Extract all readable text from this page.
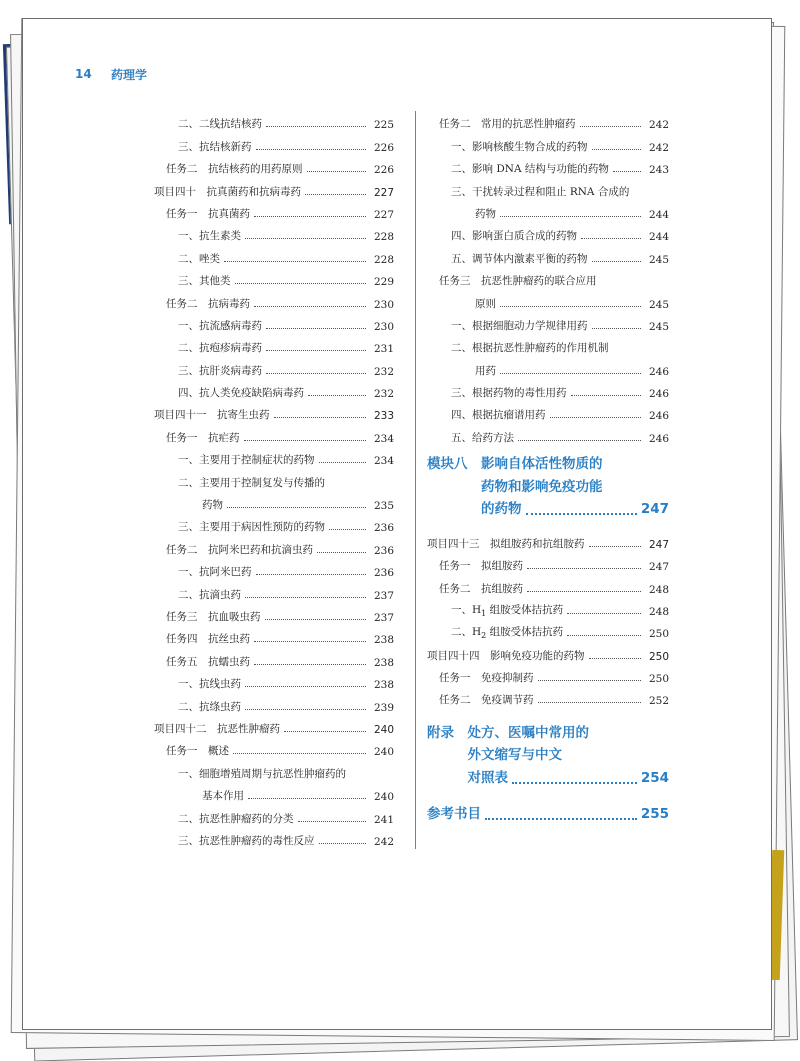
14 药理学
二、二线抗结核药	225
三、抗结核新药	226
任务二　抗结核药的用药原则	226
项目四十　抗真菌药和抗病毒药	227
任务一　抗真菌药	227
一、抗生素类	228
二、唑类	228
三、其他类	229
任务二　抗病毒药	230
一、抗流感病毒药	230
二、抗疱疹病毒药	231
三、抗肝炎病毒药	232
四、抗人类免疫缺陷病毒药	232
项目四十一　抗寄生虫药	233
任务一　抗疟药	234
一、主要用于控制症状的药物	234
二、主要用于控制复发与传播的
药物	235
三、主要用于病因性预防的药物	236
任务二　抗阿米巴药和抗滴虫药	236
一、抗阿米巴药	236
二、抗滴虫药	237
任务三　抗血吸虫药	237
任务四　抗丝虫药	238
任务五　抗蠕虫药	238
一、抗线虫药	238
二、抗绦虫药	239
项目四十二　抗恶性肿瘤药	240
任务一　概述	240
一、细胞增殖周期与抗恶性肿瘤药的
基本作用	240
二、抗恶性肿瘤药的分类	241
三、抗恶性肿瘤药的毒性反应	242
任务二　常用的抗恶性肿瘤药	242
一、影响核酸生物合成的药物	242
二、影响 DNA 结构与功能的药物	243
三、干扰转录过程和阻止 RNA 合成的
药物	244
四、影响蛋白质合成的药物	244
五、调节体内激素平衡的药物	245
任务三　抗恶性肿瘤药的联合应用
原则	245
一、根据细胞动力学规律用药	245
二、根据抗恶性肿瘤药的作用机制
用药	246
三、根据药物的毒性用药	246
四、根据抗瘤谱用药	246
五、给药方法	246
模块八　影响自体活性物质的
　　　　药物和影响免疫功能
　　　　的药物	247
项目四十三　拟组胺药和抗组胺药	247
任务一　拟组胺药	247
任务二　抗组胺药	248
一、$H_1$ 组胺受体拮抗药	248
二、$H_2$ 组胺受体拮抗药	250
项目四十四　影响免疫功能的药物	250
任务一　免疫抑制药	250
任务二　免疫调节药	252
附录　处方、医嘱中常用的
　　　外文缩写与中文
　　　对照表	254
参考书目	255
